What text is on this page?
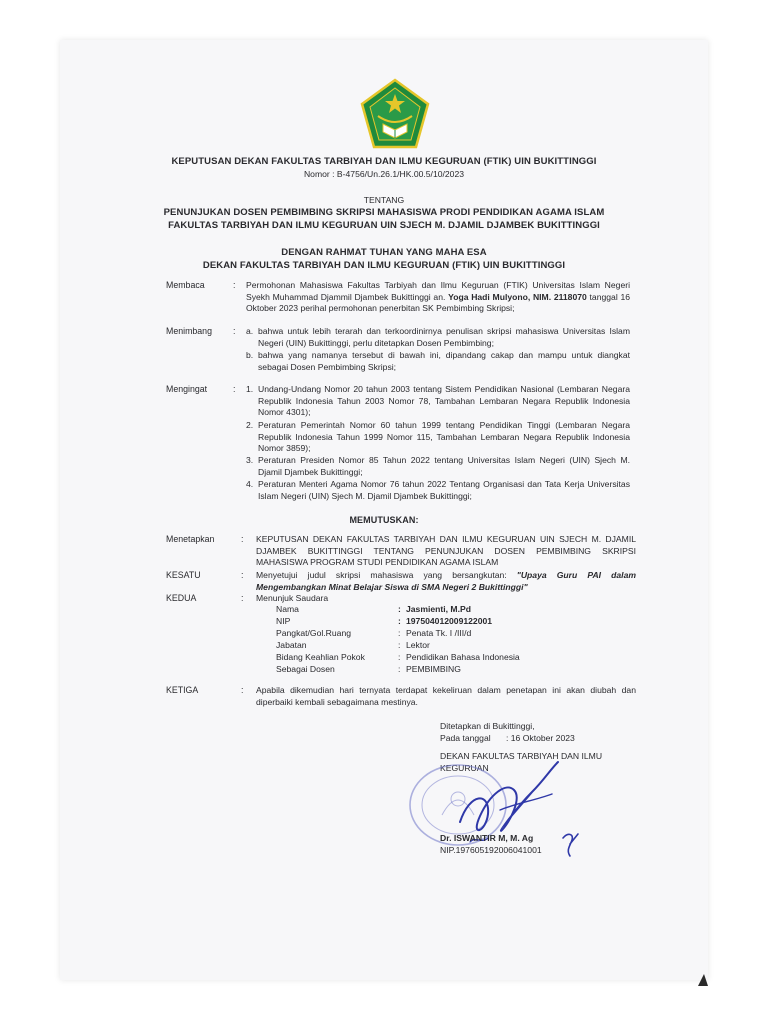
KEPUTUSAN DEKAN FAKULTAS TARBIYAH DAN ILMU KEGURUAN (FTIK) UIN BUKITTINGGI
Nomor : B-4756/Un.26.1/HK.00.5/10/2023
TENTANG
PENUNJUKAN DOSEN PEMBIMBING SKRIPSI MAHASISWA PRODI PENDIDIKAN AGAMA ISLAM
FAKULTAS TARBIYAH DAN ILMU KEGURUAN UIN SJECH M. DJAMIL DJAMBEK BUKITTINGGI
DENGAN RAHMAT TUHAN YANG MAHA ESA
DEKAN FAKULTAS TARBIYAH DAN ILMU KEGURUAN (FTIK) UIN BUKITTINGGI
Membaca	: Permohonan Mahasiswa Fakultas Tarbiyah dan Ilmu Keguruan (FTIK) Universitas Islam Negeri Syekh Muhammad Djammil Djambek Bukittinggi an. Yoga Hadi Mulyono, NIM. 2118070 tanggal 16 Oktober 2023 perihal permohonan penerbitan SK Pembimbing Skripsi;
Menimbang : a. bahwa untuk lebih terarah dan terkoordinirnya penulisan skripsi mahasiswa Universitas Islam Negeri (UIN) Bukittinggi, perlu ditetapkan Dosen Pembimbing;
b. bahwa yang namanya tersebut di bawah ini, dipandang cakap dan mampu untuk diangkat sebagai Dosen Pembimbing Skripsi;
Mengingat	: 1. Undang-Undang Nomor 20 tahun 2003 tentang Sistem Pendidikan Nasional (Lembaran Negara Republik Indonesia Tahun 2003 Nomor 78, Tambahan Lembaran Negara Republik Indonesia Nomor 4301);
2. Peraturan Pemerintah Nomor 60 tahun 1999 tentang Pendidikan Tinggi (Lembaran Negara Republik Indonesia Tahun 1999 Nomor 115, Tambahan Lembaran Negara Republik Indonesia Nomor 3859);
3. Peraturan Presiden Nomor 85 Tahun 2022 tentang Universitas Islam Negeri (UIN) Sjech M. Djamil Djambek Bukittinggi;
4. Peraturan Menteri Agama Nomor 76 tahun 2022 Tentang Organisasi dan Tata Kerja Universitas Islam Negeri (UIN) Sjech M. Djamil Djambek Bukittinggi;
MEMUTUSKAN:
Menetapkan	: KEPUTUSAN DEKAN FAKULTAS TARBIYAH DAN ILMU KEGURUAN UIN SJECH M. DJAMIL DJAMBEK BUKITTINGGI TENTANG PENUNJUKAN DOSEN PEMBIMBING SKRIPSI MAHASISWA PROGRAM STUDI PENDIDIKAN AGAMA ISLAM
KESATU	: Menyetujui judul skripsi mahasiswa yang bersangkutan: "Upaya Guru PAI dalam Mengembangkan Minat Belajar Siswa di SMA Negeri 2 Bukittinggi"
KEDUA	: Menunjuk Saudara
Nama	: Jasmienti, M.Pd
NIP	: 197504012009122001
Pangkat/Gol.Ruang	: Penata Tk. I /III/d
Jabatan	: Lektor
Bidang Keahlian Pokok	: Pendidikan Bahasa Indonesia
Sebagai Dosen	: PEMBIMBING
KETIGA	: Apabila dikemudian hari ternyata terdapat kekeliruan dalam penetapan ini akan diubah dan diperbaiki kembali sebagaimana mestinya.
Ditetapkan di Bukittinggi,
Pada tanggal : 16 Oktober 2023
DEKAN FAKULTAS TARBIYAH DAN ILMU
KEGURUAN
Dr. ISWANTIR M, M. Ag
NIP.197605192006041001
